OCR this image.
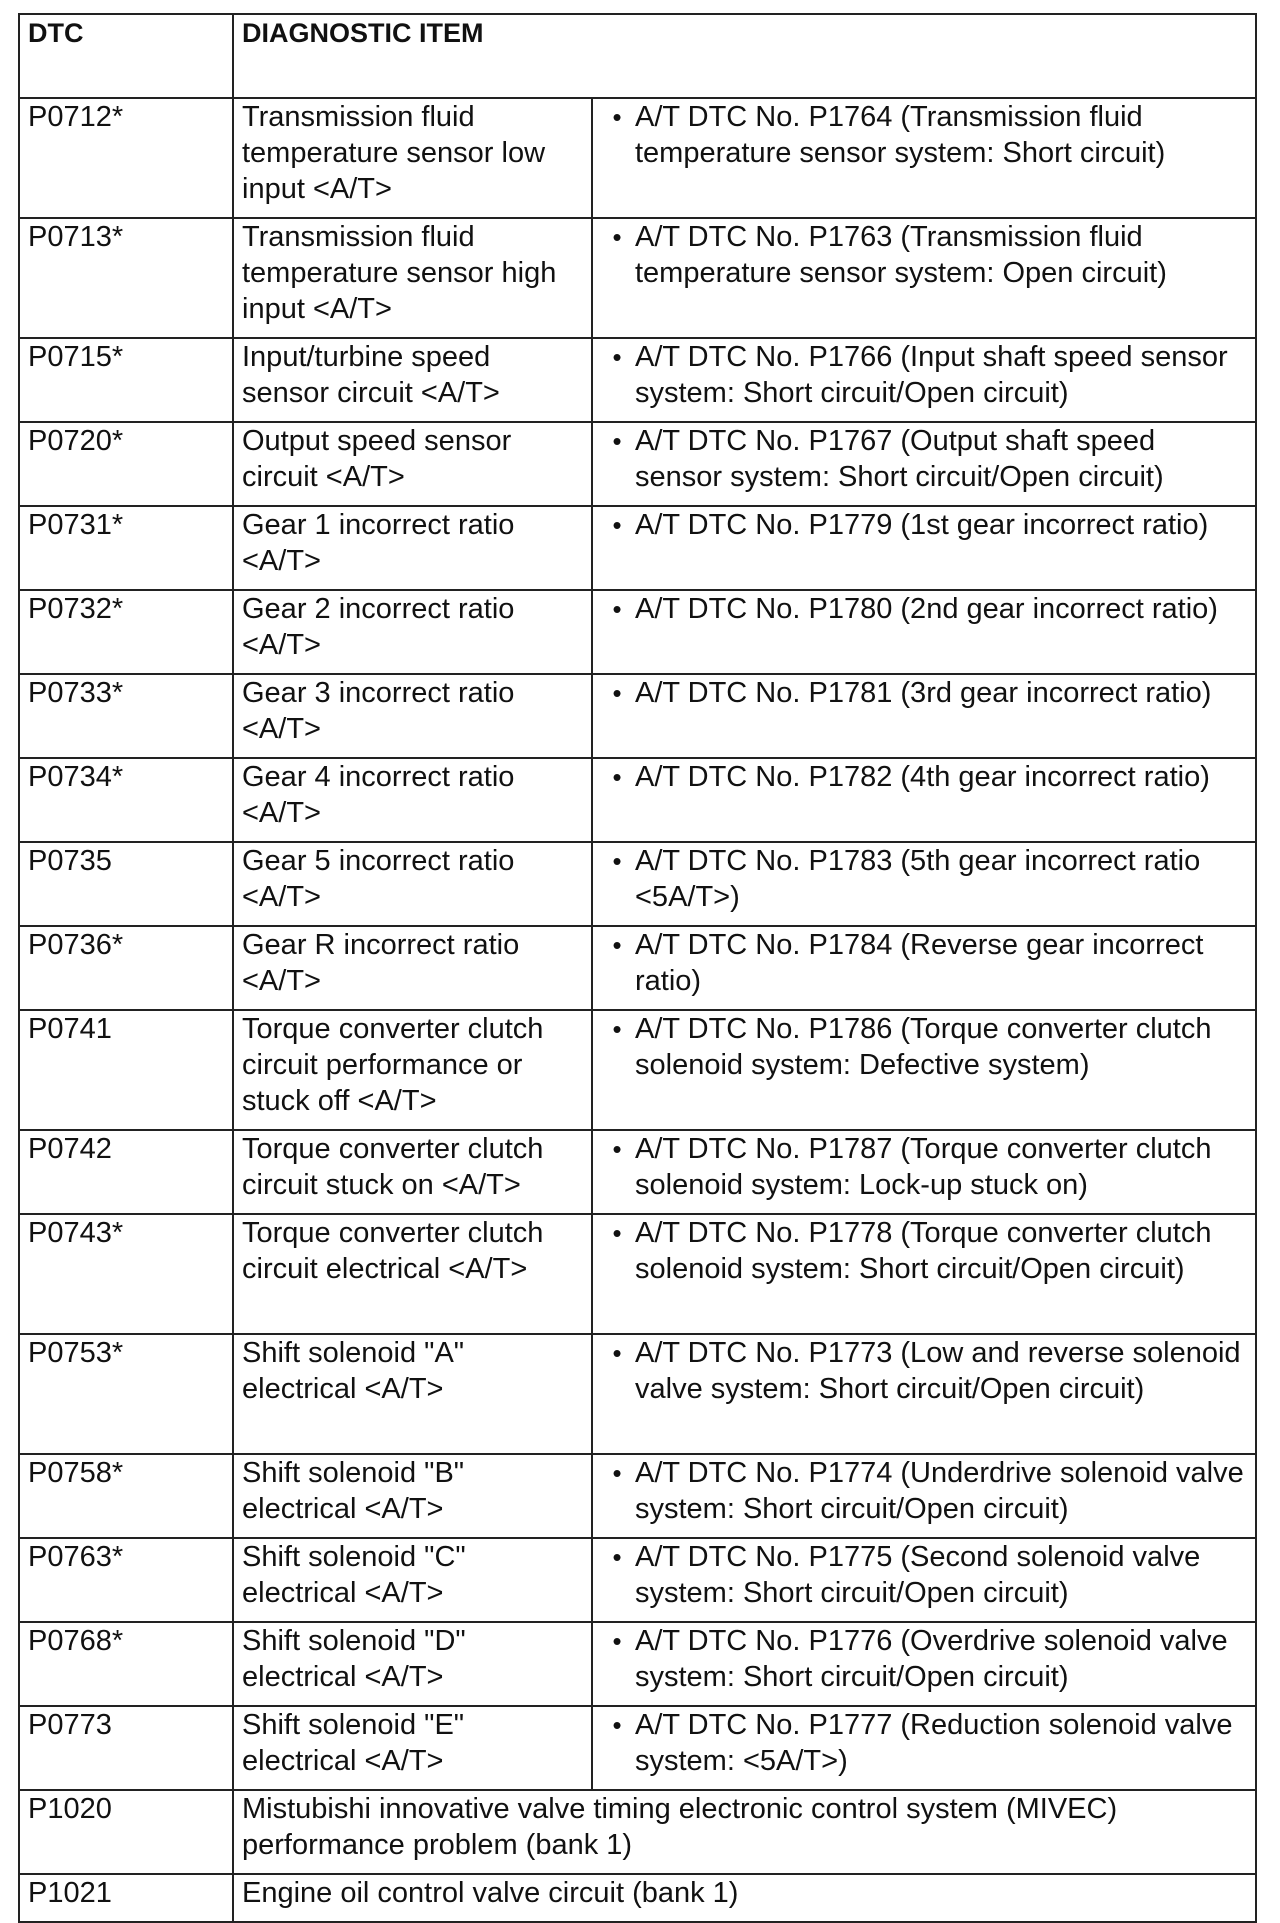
DTC	DIAGNOSTIC ITEM	
P0712*	Transmission fluid temperature sensor low input <A/T>	• A/T DTC No. P1764 (Transmission fluid temperature sensor system: Short circuit)

P0713*	Transmission fluid temperature sensor high input <A/T>	• A/T DTC No. P1763 (Transmission fluid temperature sensor system: Open circuit)

P0715*	Input/turbine speed sensor circuit <A/T>	• A/T DTC No. P1766 (Input shaft speed sensor system: Short circuit/Open circuit)

P0720*	Output speed sensor circuit <A/T>	• A/T DTC No. P1767 (Output shaft speed sensor system: Short circuit/Open circuit)

P0731*	Gear 1 incorrect ratio <A/T>	• A/T DTC No. P1779 (1st gear incorrect ratio)

P0732*	Gear 2 incorrect ratio <A/T>	• A/T DTC No. P1780 (2nd gear incorrect ratio)

P0733*	Gear 3 incorrect ratio <A/T>	• A/T DTC No. P1781 (3rd gear incorrect ratio)

P0734*	Gear 4 incorrect ratio <A/T>	• A/T DTC No. P1782 (4th gear incorrect ratio)

P0735	Gear 5 incorrect ratio <A/T>	• A/T DTC No. P1783 (5th gear incorrect ratio <5A/T>)

P0736*	Gear R incorrect ratio <A/T>	• A/T DTC No. P1784 (Reverse gear incorrect ratio)

P0741	Torque converter clutch circuit performance or stuck off <A/T>	• A/T DTC No. P1786 (Torque converter clutch solenoid system: Defective system)

P0742	Torque converter clutch circuit stuck on <A/T>	• A/T DTC No. P1787 (Torque converter clutch solenoid system: Lock-up stuck on)

P0743*	Torque converter clutch circuit electrical <A/T>	• A/T DTC No. P1778 (Torque converter clutch solenoid system: Short circuit/Open circuit)

P0753*	Shift solenoid "A" electrical <A/T>	• A/T DTC No. P1773 (Low and reverse solenoid valve system: Short circuit/Open circuit)

P0758*	Shift solenoid "B" electrical <A/T>	• A/T DTC No. P1774 (Underdrive solenoid valve system: Short circuit/Open circuit)

P0763*	Shift solenoid "C" electrical <A/T>	• A/T DTC No. P1775 (Second solenoid valve system: Short circuit/Open circuit)

P0768*	Shift solenoid "D" electrical <A/T>	• A/T DTC No. P1776 (Overdrive solenoid valve system: Short circuit/Open circuit)

P0773	Shift solenoid "E" electrical <A/T>	• A/T DTC No. P1777 (Reduction solenoid valve system: <5A/T>)

P1020	Mistubishi innovative valve timing electronic control system (MIVEC) performance problem (bank 1)	
P1021	Engine oil control valve circuit (bank 1)	
